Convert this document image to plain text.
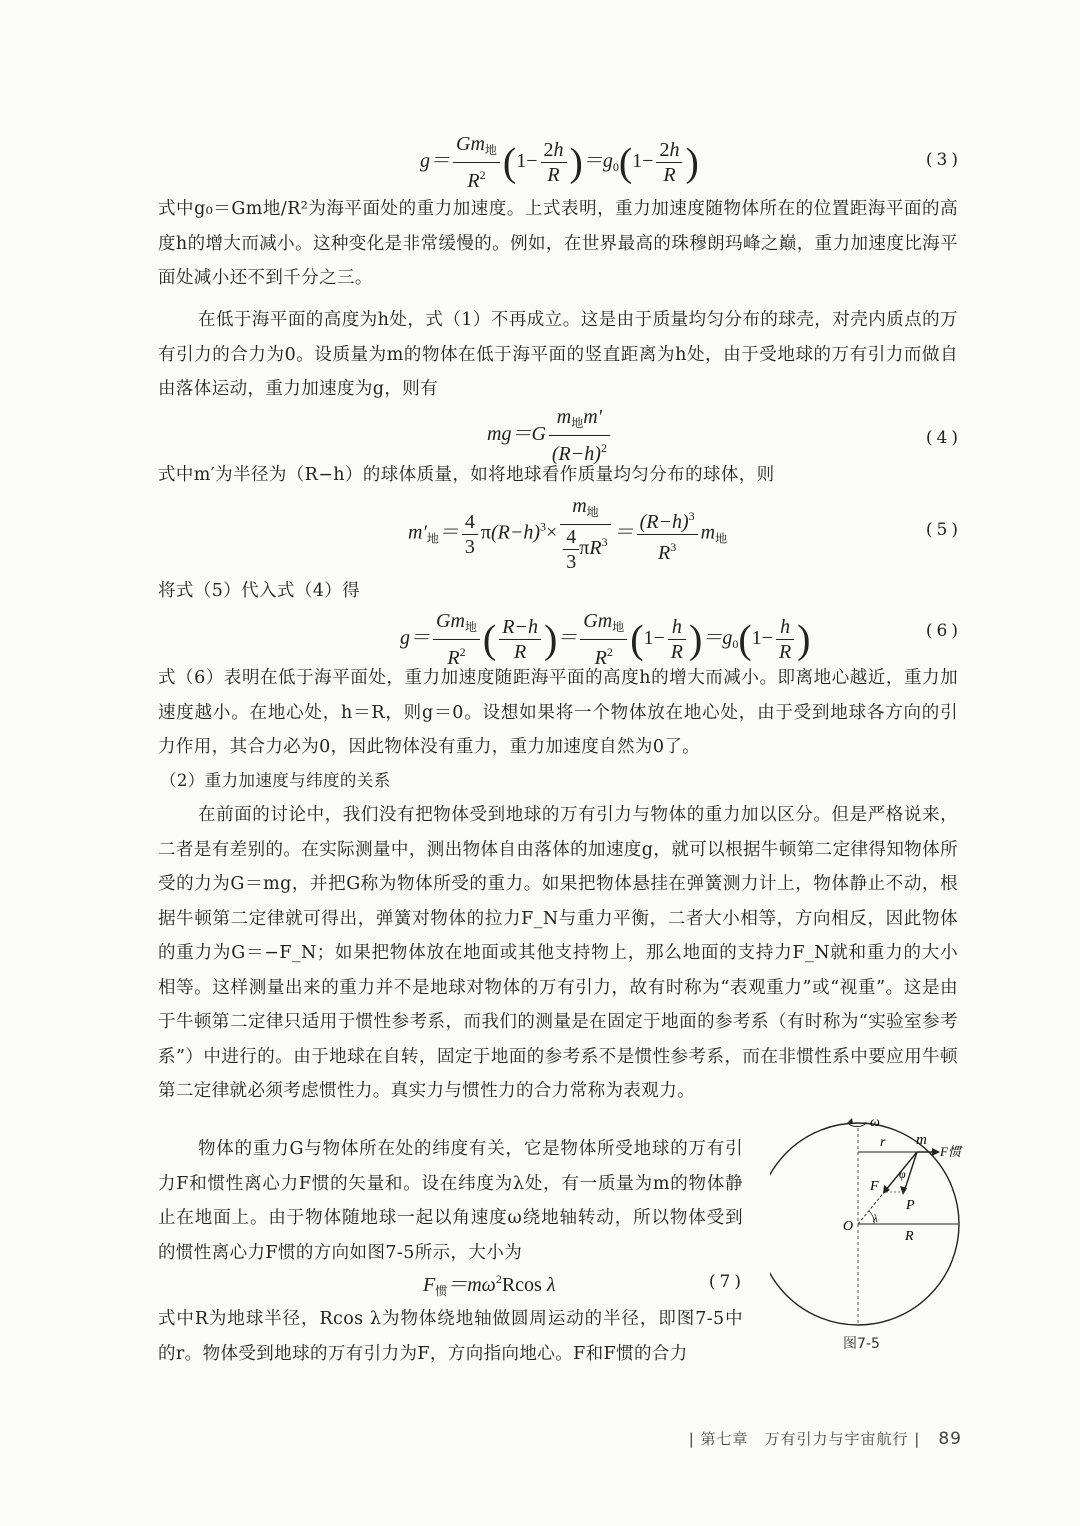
$g= \frac{Gm_地}{R^2} (1- \frac{2h}{R} )=g_0(1- \frac{2h}{R}$ )	(3)

式中g₀＝Gm地/R²为海平面处的重力加速度。上式表明，重力加速度随物体所在的位置距海平面的高度h的增大而减小。这种变化是非常缓慢的。例如，在世界最高的珠穆朗玛峰之巅，重力加速度比海平面处减小还不到千分之三。

在低于海平面的高度为h处，式（1）不再成立。这是由于质量均匀分布的球壳，对壳内质点的万有引力的合力为0。设质量为m的物体在低于海平面的竖直距离为h处，由于受地球的万有引力而做自由落体运动，重力加速度为g，则有

$mg=G \frac{m_地m'}{(R-h)^2}$	(4)

式中m′为半径为（R−h）的球体质量，如将地球看作质量均匀分布的球体，则

$m'_地= \frac{4}{3} \pi(R-h)^3\times \frac{m_地}{\frac{4}{3} \pi R^3} = \frac{(R-h)^3}{R^3} m_地$	(5)

将式（5）代入式（4）得

$g= \frac{Gm_地}{R^2}$ ( $\frac{R-h}{R}$ )＝ $\frac{Gm_地}{R^2} (1- \frac{h}{R} )=g_0(1- \frac{h}{R}$ )	(6)

式（6）表明在低于海平面处，重力加速度随距海平面的高度h的增大而减小。即离地心越近，重力加速度越小。在地心处，h＝R，则g＝0。设想如果将一个物体放在地心处，由于受到地球各方向的引力作用，其合力必为0，因此物体没有重力，重力加速度自然为0了。

（2）重力加速度与纬度的关系

在前面的讨论中，我们没有把物体受到地球的万有引力与物体的重力加以区分。但是严格说来，二者是有差别的。在实际测量中，测出物体自由落体的加速度g，就可以根据牛顿第二定律得知物体所受的力为G＝mg，并把G称为物体所受的重力。如果把物体悬挂在弹簧测力计上，物体静止不动，根据牛顿第二定律就可得出，弹簧对物体的拉力F_N与重力平衡，二者大小相等，方向相反，因此物体的重力为G＝−F_N；如果把物体放在地面或其他支持物上，那么地面的支持力F_N就和重力的大小相等。这样测量出来的重力并不是地球对物体的万有引力，故有时称为“表观重力”或“视重”。这是由于牛顿第二定律只适用于惯性参考系，而我们的测量是在固定于地面的参考系（有时称为“实验室参考系”）中进行的。由于地球在自转，固定于地面的参考系不是惯性参考系，而在非惯性系中要应用牛顿第二定律就必须考虑惯性力。真实力与惯性力的合力常称为表观力。

物体的重力G与物体所在处的纬度有关，它是物体所受地球的万有引力F和惯性离心力F惯的矢量和。设在纬度为λ处，有一质量为m的物体静止在地面上。由于物体随地球一起以角速度ω绕地轴转动，所以物体受到的惯性离心力F惯的方向如图7-5所示，大小为

$F_惯=m\omega^2Rcos$ λ	(7)

式中R为地球半径，Rcos λ为物体绕地轴做圆周运动的半径，即图7-5中的r。物体受到地球的万有引力为F，方向指向地心。F和F惯的合力

ω
r m
F惯
F
φ
P
O λ
R
图7-5
| 第七章　万有引力与宇宙航行 | 89
